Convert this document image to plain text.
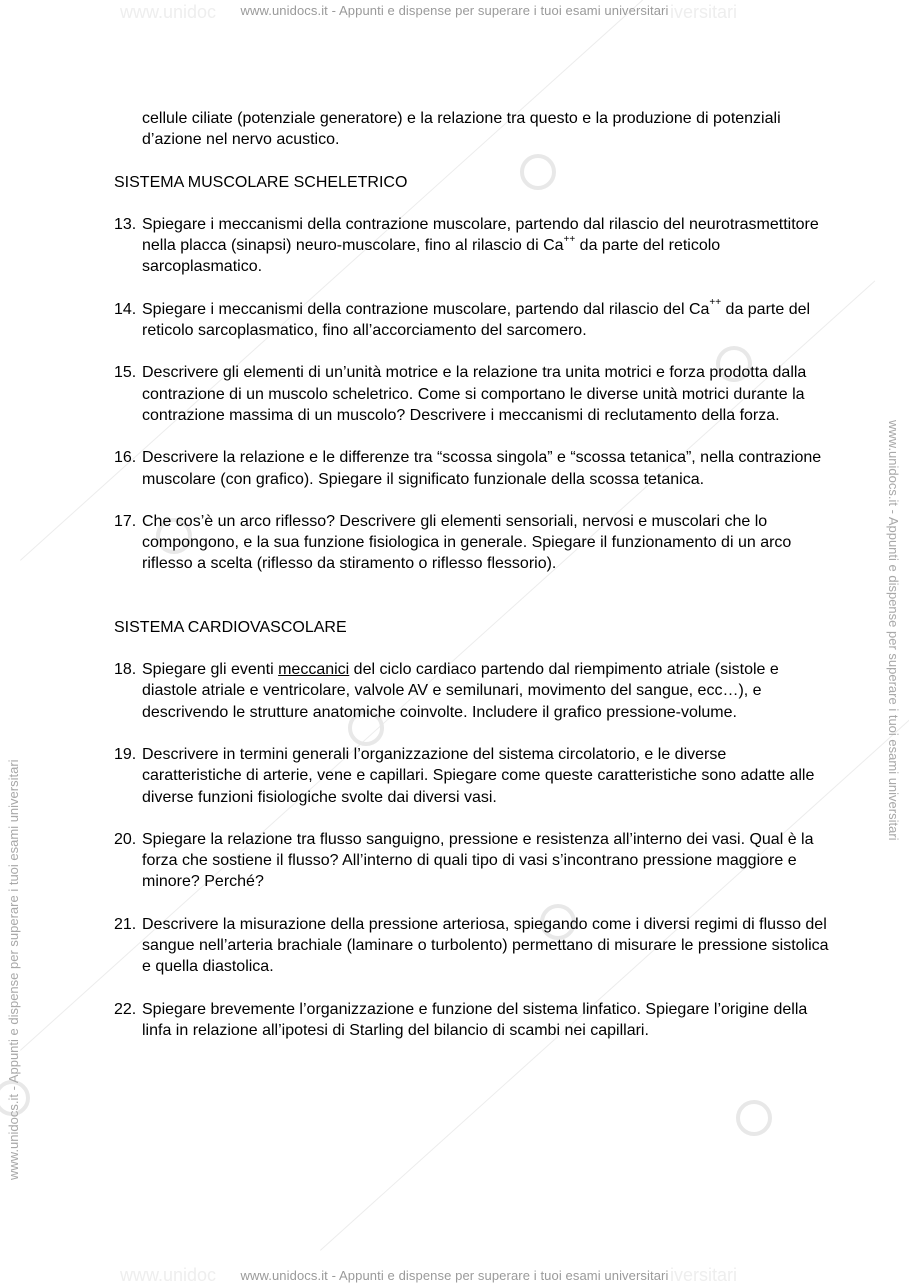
www.unidoc	iversitari
www.unidoc	iversitari
www.unidocs.it - Appunti e dispense per superare i tuoi esami universitari
www.unidocs.it - Appunti e dispense per superare i tuoi esami universitari
www.unidocs.it - Appunti e dispense per superare i tuoi esami universitari
www.unidocs.it - Appunti e dispense per superare i tuoi esami universitari

cellule ciliate (potenziale generatore) e la relazione tra questo e la produzione di potenziali d’azione nel nervo acustico.

SISTEMA MUSCOLARE SCHELETRICO

13. Spiegare i meccanismi della contrazione muscolare, partendo dal rilascio del neurotrasmettitore nella placca (sinapsi) neuro-muscolare, fino al rilascio di Ca++ da parte del reticolo sarcoplasmatico.
14. Spiegare i meccanismi della contrazione muscolare, partendo dal rilascio del Ca++ da parte del reticolo sarcoplasmatico, fino all’accorciamento del sarcomero.
15. Descrivere gli elementi di un’unità motrice e la relazione tra unita motrici e forza prodotta dalla contrazione di un muscolo scheletrico. Come si comportano le diverse unità motrici durante la contrazione massima di un muscolo? Descrivere i meccanismi di reclutamento della forza.
16. Descrivere la relazione e le differenze tra “scossa singola” e “scossa tetanica”, nella contrazione muscolare (con grafico). Spiegare il significato funzionale della scossa tetanica.
17. Che cos’è un arco riflesso? Descrivere gli elementi sensoriali, nervosi e muscolari che lo compongono, e la sua funzione fisiologica in generale. Spiegare il funzionamento di un arco riflesso a scelta (riflesso da stiramento o riflesso flessorio).

SISTEMA CARDIOVASCOLARE

18. Spiegare gli eventi meccanici del ciclo cardiaco partendo dal riempimento atriale (sistole e diastole atriale e ventricolare, valvole AV e semilunari, movimento del sangue, ecc…), e descrivendo le strutture anatomiche coinvolte. Includere il grafico pressione-volume.
19. Descrivere in termini generali l’organizzazione del sistema circolatorio, e le diverse caratteristiche di arterie, vene e capillari. Spiegare come queste caratteristiche sono adatte alle diverse funzioni fisiologiche svolte dai diversi vasi.
20. Spiegare la relazione tra flusso sanguigno, pressione e resistenza all’interno dei vasi. Qual è la forza che sostiene il flusso? All’interno di quali tipo di vasi s’incontrano pressione maggiore e minore? Perché?
21. Descrivere la misurazione della pressione arteriosa, spiegando come i diversi regimi di flusso del sangue nell’arteria brachiale (laminare o turbolento) permettano di misurare le pressione sistolica e quella diastolica.
22. Spiegare brevemente l’organizzazione e funzione del sistema linfatico. Spiegare l’origine della linfa in relazione all’ipotesi di Starling del bilancio di scambi nei capillari.
